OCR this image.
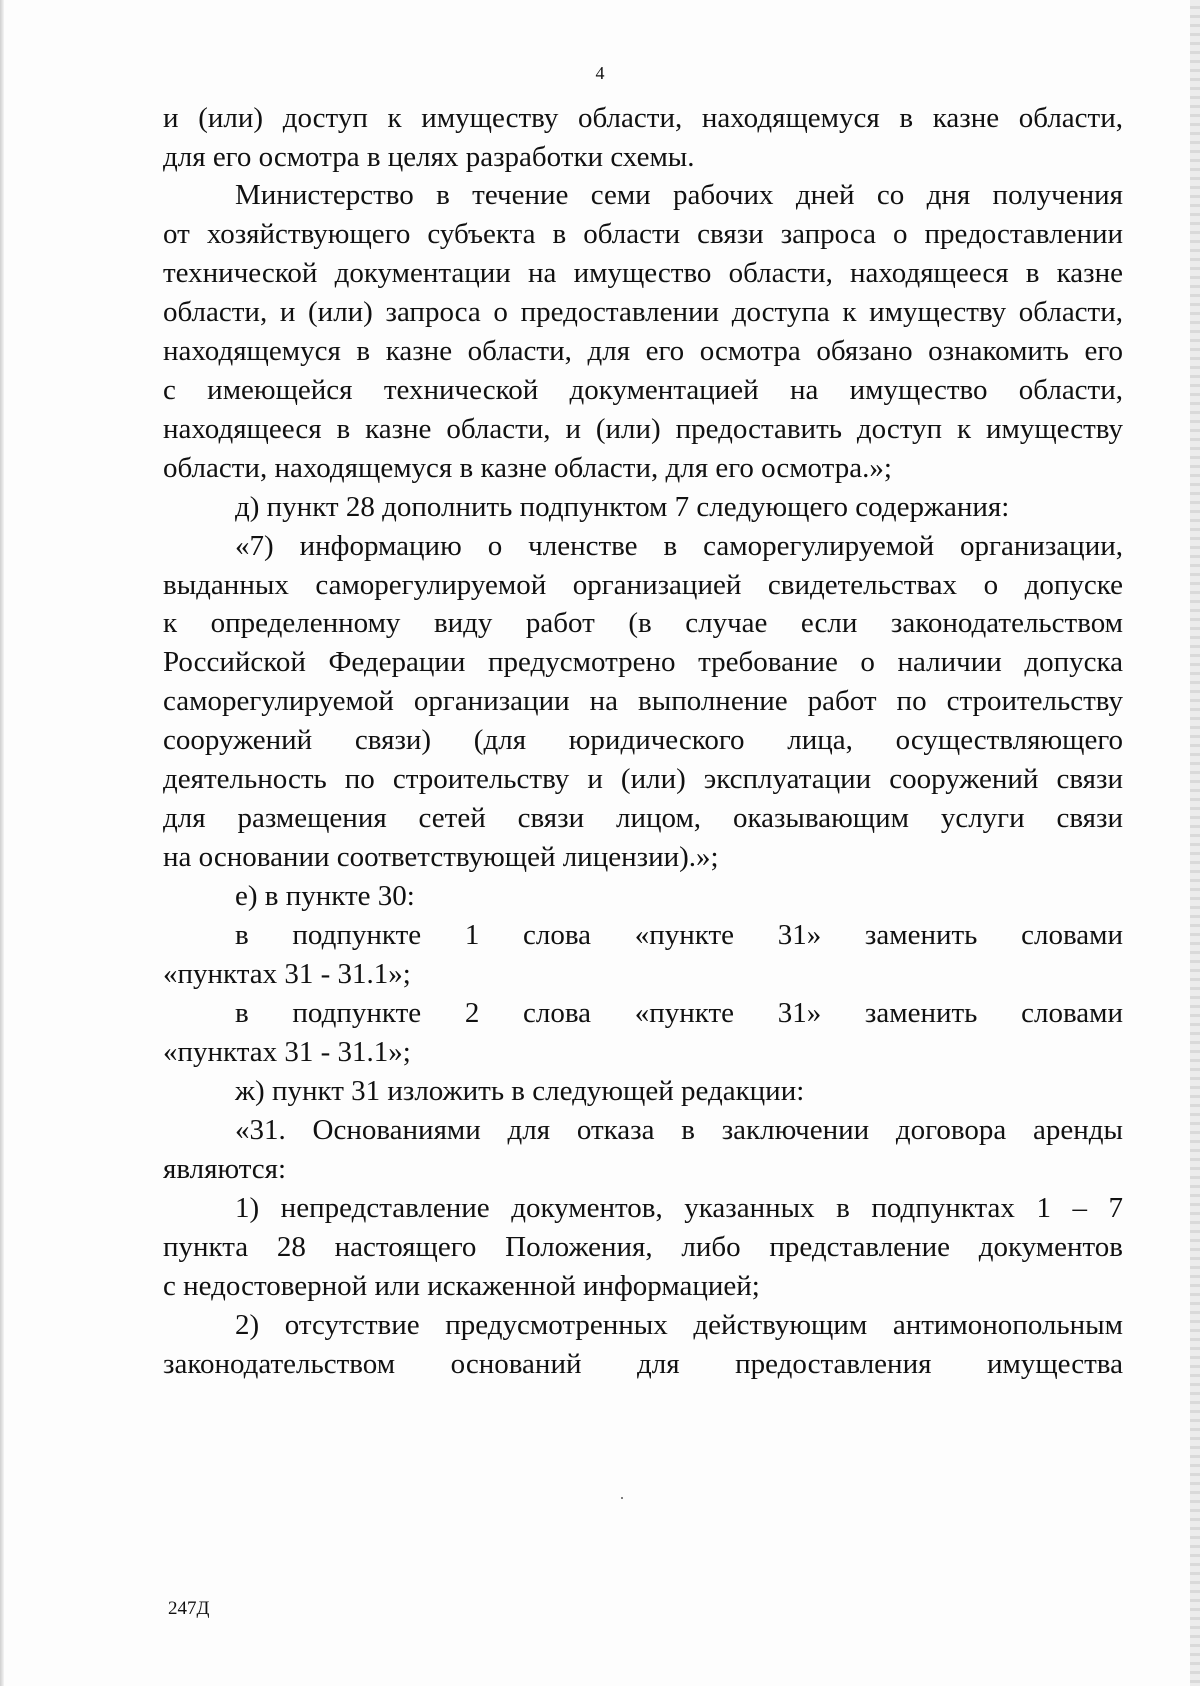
4

и (или) доступ к имуществу области, находящемуся в казне области,

для его осмотра в целях разработки схемы.

Министерство в течение семи рабочих дней со дня получения

от хозяйствующего субъекта в области связи запроса о предоставлении

технической документации на имущество области, находящееся в казне

области, и (или) запроса о предоставлении доступа к имуществу области,

находящемуся в казне области, для его осмотра обязано ознакомить его

с имеющейся технической документацией на имущество области,

находящееся в казне области, и (или) предоставить доступ к имуществу

области, находящемуся в казне области, для его осмотра.»;

д) пункт 28 дополнить подпунктом 7 следующего содержания:

«7) информацию о членстве в саморегулируемой организации,

выданных саморегулируемой организацией свидетельствах о допуске

к определенному виду работ (в случае если законодательством

Российской Федерации предусмотрено требование о наличии допуска

саморегулируемой организации на выполнение работ по строительству

сооружений связи) (для юридического лица, осуществляющего

деятельность по строительству и (или) эксплуатации сооружений связи

для размещения сетей связи лицом, оказывающим услуги связи

на основании соответствующей лицензии).»;

е) в пункте 30:

в подпункте 1 слова «пункте 31» заменить словами

«пунктах 31 - 31.1»;

в подпункте 2 слова «пункте 31» заменить словами

«пунктах 31 - 31.1»;

ж) пункт 31 изложить в следующей редакции:

«31. Основаниями для отказа в заключении договора аренды

являются:

1) непредставление документов, указанных в подпунктах 1 – 7

пункта 28 настоящего Положения, либо представление документов

с недостоверной или искаженной информацией;

2) отсутствие предусмотренных действующим антимонопольным

законодательством оснований для предоставления имущества

247Д
